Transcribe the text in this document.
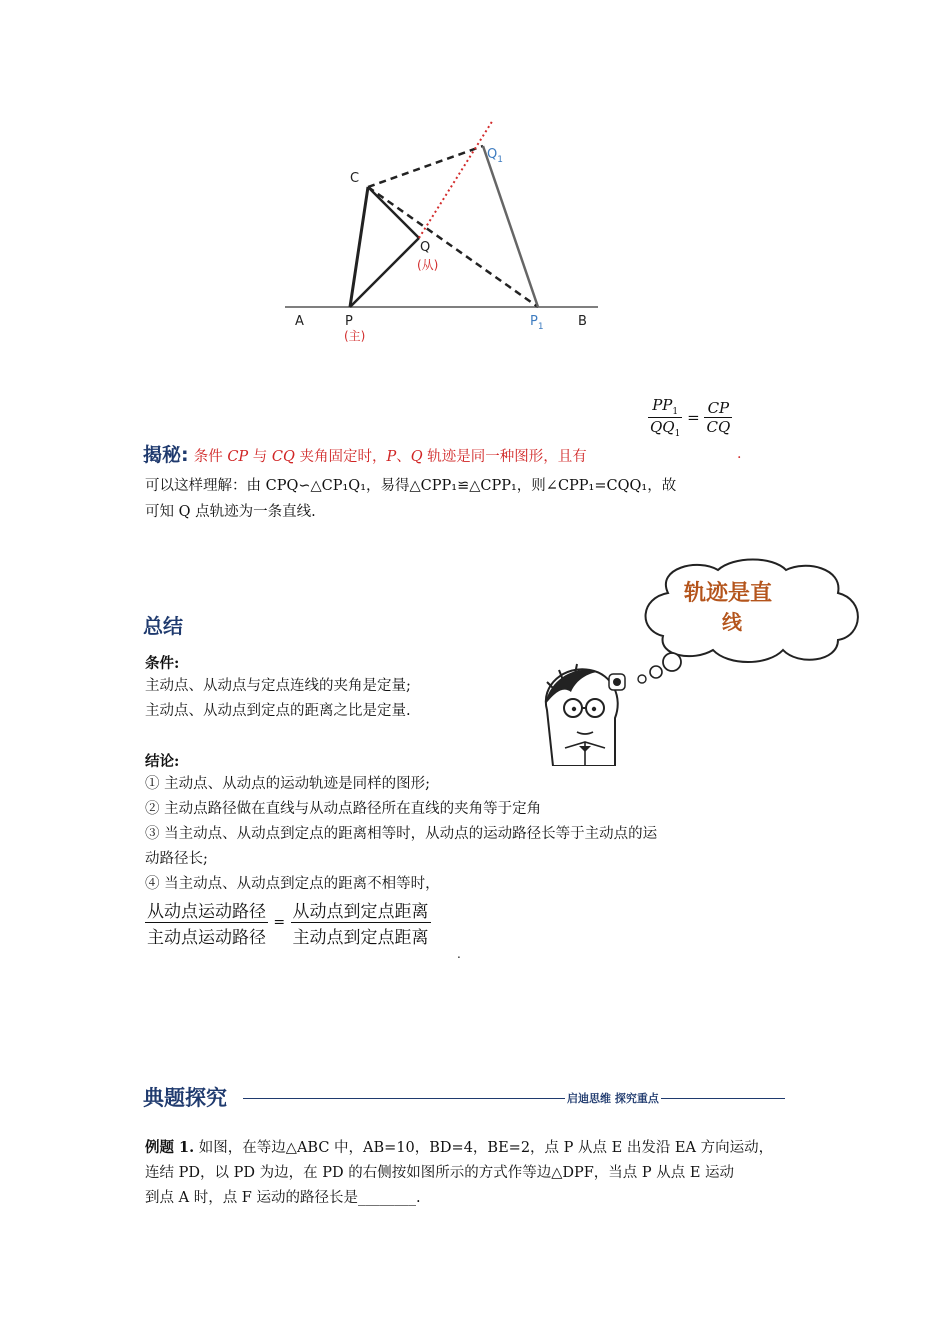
C
$Q_1$
Q
(从)
A	P
(主)
$P_1$	B
$\frac{PP_1}{QQ_1} = \frac{CP}{CQ}$
揭秘: 条件 CP 与 CQ 夹角固定时，P、Q 轨迹是同一种图形，且有	.
可以这样理解：由 CPQ∽△CP₁Q₁，易得△CPP₁≌△CPP₁，则∠CPP₁=CQQ₁，故
可知 Q 点轨迹为一条直线.
总结
条件:
主动点、从动点与定点连线的夹角是定量;
主动点、从动点到定点的距离之比是定量.
结论:
① 主动点、从动点的运动轨迹是同样的图形;
② 主动点路径做在直线与从动点路径所在直线的夹角等于定角
③ 当主动点、从动点到定点的距离相等时，从动点的运动路径长等于主动点的运
动路径长;
④ 当主动点、从动点到定点的距离不相等时，
$\frac{\text{从动点运动路径}}{\text{主动点运动路径}} = \frac{\text{从动点到定点距离}}{\text{主动点到定点距离}}$
.
轨迹是直
线
典题探究	启迪思维 探究重点
例题 1. 如图，在等边△ABC 中，AB=10，BD=4，BE=2，点 P 从点 E 出发沿 EA 方向运动，
连结 PD，以 PD 为边，在 PD 的右侧按如图所示的方式作等边△DPF，当点 P 从点 E 运动
到点 A 时，点 F 运动的路径长是________.
